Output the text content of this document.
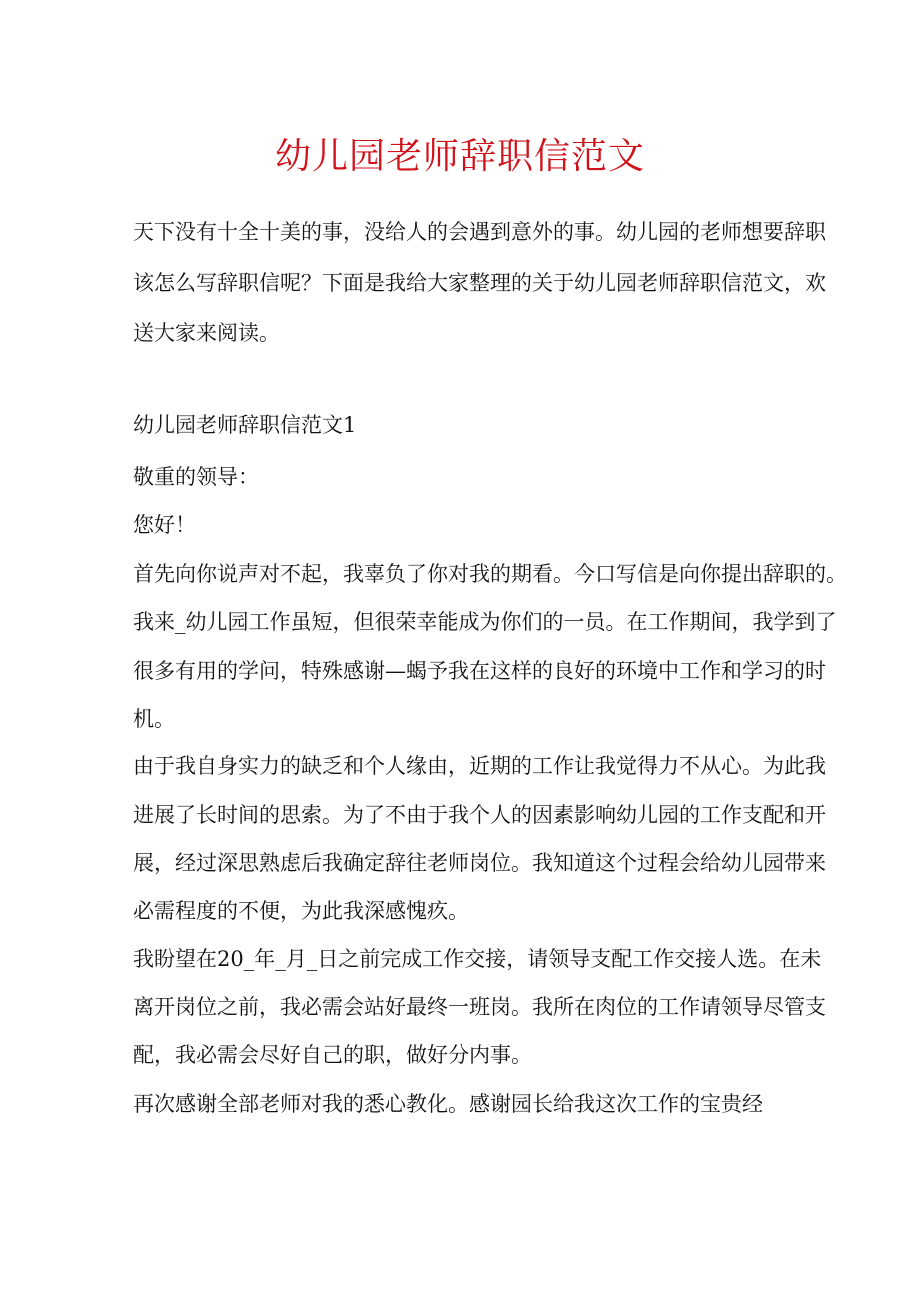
幼儿园老师辞职信范文

天下没有十全十美的事，没给人的会遇到意外的事。幼儿园的老师想要辞职

该怎么写辞职信呢？下面是我给大家整理的关于幼儿园老师辞职信范文，欢

送大家来阅读。

幼儿园老师辞职信范文1

敬重的领导：

您好！

首先向你说声对不起，我辜负了你对我的期看。今口写信是向你提出辞职的。

我来_幼儿园工作虽短，但很荣幸能成为你们的一员。在工作期间，我学到了

很多有用的学问，特殊感谢—蝎予我在这样的良好的环境中工作和学习的时

机。

由于我自身实力的缺乏和个人缘由，近期的工作让我觉得力不从心。为此我

进展了长时间的思索。为了不由于我个人的因素影响幼儿园的工作支配和开

展，经过深思熟虑后我确定辞往老师岗位。我知道这个过程会给幼儿园带来

必需程度的不便，为此我深感愧疚。

我盼望在20_年_月_日之前完成工作交接，请领导支配工作交接人选。在未

离开岗位之前，我必需会站好最终一班岗。我所在肉位的工作请领导尽管支

配，我必需会尽好自己的职，做好分内事。

再次感谢全部老师对我的悉心教化。感谢园长给我这次工作的宝贵经
